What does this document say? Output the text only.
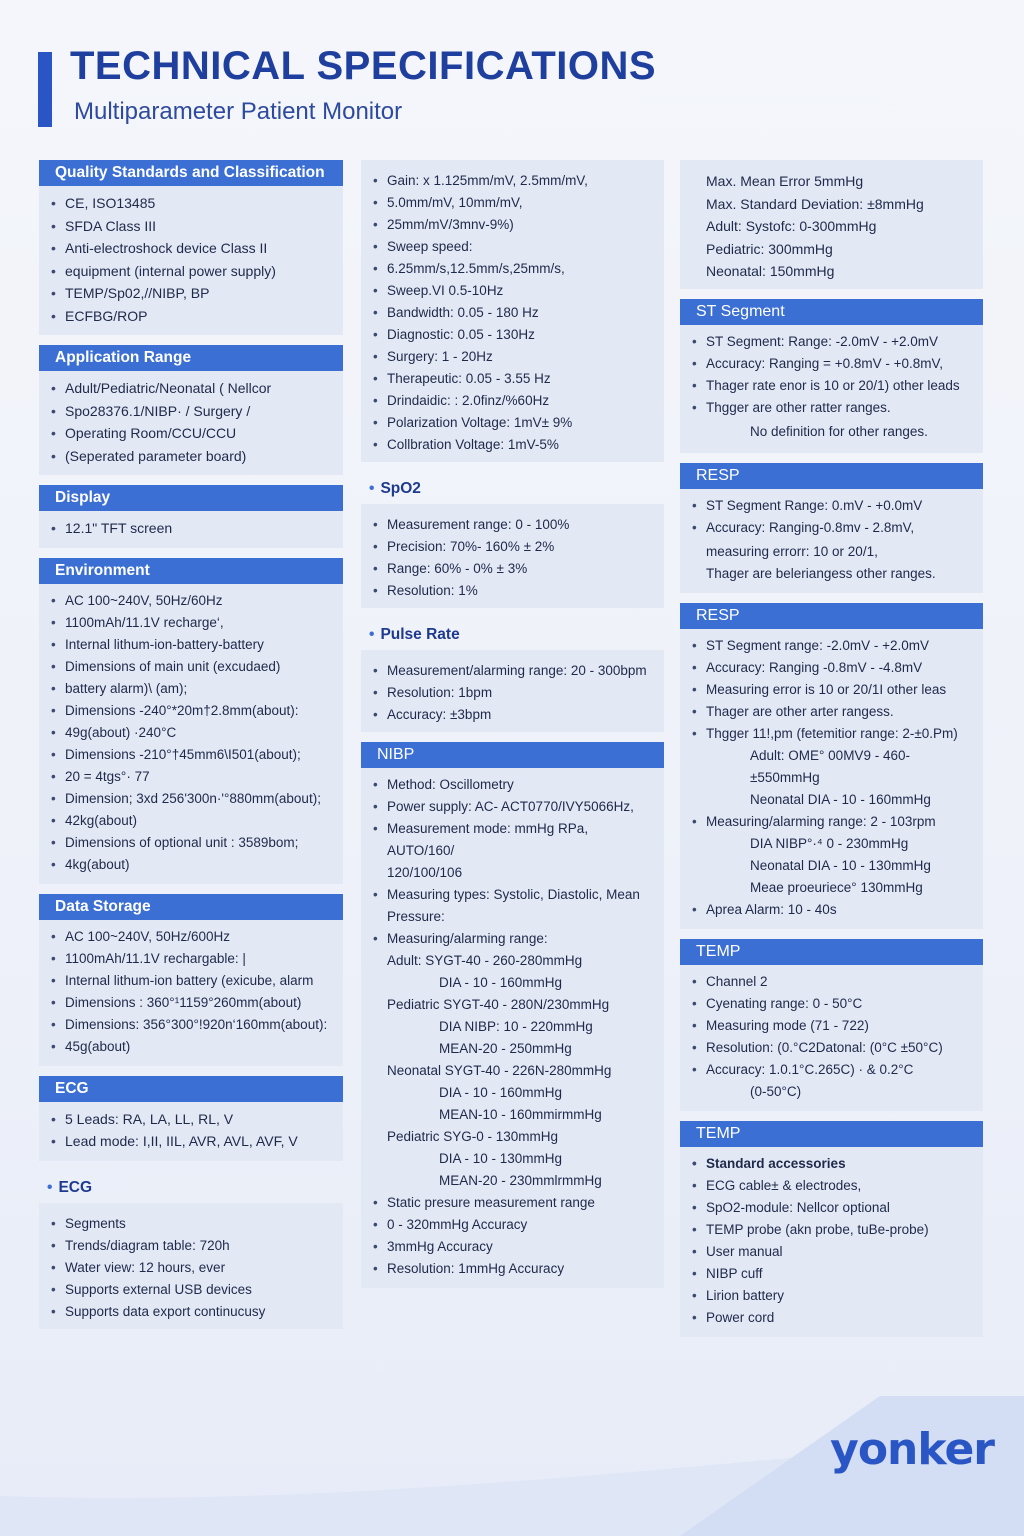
TECHNICAL SPECIFICATIONS
Multiparameter Patient Monitor
Quality Standards and Classification
• CE, ISO13485
• SFDA Class III
• Anti-electroshock device Class II
• equipment (internal power supply)
• TEMP/Sp02,//NIBP, BP
• ECFBG/ROP
Application Range
• Adult/Pediatric/Neonatal ( Nellcor
• Spo28376.1/NIBP· / Surgery /
• Operating Room/CCU/CCU
• (Seperated parameter board)
Display
• 12.1" TFT screen
Environment
• AC 100~240V, 50Hz/60Hz
• 1100mAh/11.1V recharge‘,
• Internal lithum-ion-battery-battery
• Dimensions of main unit (excudaed)
• battery alarm)\ (am);
• Dimensions -240°*20m†2.8mm(about):
• 49g(about) ·240°C
• Dimensions -210°†45mm6\I501(about);
• 20 = 4tgs°· 77
• Dimension; 3xd 256'300n·'°880mm(about);
• 42kg(about)
• Dimensions of optional unit : 3589bom;
• 4kg(about)
Data Storage
• AC 100~240V, 50Hz/600Hz
• 1100mAh/11.1V rechargable: |
• Internal lithum-ion battery (exicube, alarm
• Dimensions : 360°¹1159°260mm(about)
• Dimensions: 356°300°!920n‘160mm(about):
• 45g(about)
ECG
• 5 Leads: RA, LA, LL, RL, V
• Lead mode: I,II, IIL, AVR, AVL, AVF, V
• ECG
• Segments
• Trends/diagram table: 720h
• Water view: 12 hours, ever
• Supports external USB devices
• Supports data export continucusy
• Gain: x 1.125mm/mV, 2.5mm/mV,
• 5.0mm/mV, 10mm/mV,
• 25mm/mV/3mnv-9%)
• Sweep speed:
• 6.25mm/s,12.5mm/s,25mm/s,
• Sweep.VI 0.5-10Hz
• Bandwidth: 0.05 - 180 Hz
• Diagnostic: 0.05 - 130Hz
• Surgery: 1 - 20Hz
• Therapeutic: 0.05 - 3.55 Hz
• Drindaidic: : 2.0finz/%60Hz
• Polarization Voltage: 1mV± 9%
• Collbration Voltage: 1mV-5%
• SpO2
• Measurement range: 0 - 100%
• Precision: 70%- 160% ± 2%
• Range: 60% - 0% ± 3%
• Resolution: 1%
• Pulse Rate
• Measurement/alarming range: 20 - 300bpm
• Resolution: 1bpm
• Accuracy: ±3bpm
NIBP
• Method: Oscillometry
• Power supply: AC- ACT0770/IVY5066Hz,
• Measurement mode: mmHg RPa, AUTO/160/
120/100/106
• Measuring types: Systolic, Diastolic, Mean
Pressure:
• Measuring/alarming range:
Adult: SYGT-40 - 260-280mmHg
DIA - 10 - 160mmHg
Pediatric SYGT-40 - 280N/230mmHg
DIA NIBP: 10 - 220mmHg
MEAN-20 - 250mmHg
Neonatal SYGT-40 - 226N-280mmHg
DIA - 10 - 160mmHg
MEAN-10 - 160mmirmmHg
Pediatric SYG-0 - 130mmHg
DIA - 10 - 130mmHg
MEAN-20 - 230mmlrmmHg
• Static presure measurement range
• 0 - 320mmHg Accuracy
• 3mmHg Accuracy
• Resolution: 1mmHg Accuracy
Max. Mean Error 5mmHg
Max. Standard Deviation: ±8mmHg
Adult: Systofc: 0-300mmHg
Pediatric: 300mmHg
Neonatal: 150mmHg
ST Segment
• ST Segment: Range: -2.0mV - +2.0mV
• Accuracy: Ranging = +0.8mV - +0.8mV,
• Thager rate enor is 10 or 20/1) other leads
• Thgger are other ratter ranges.
No definition for other ranges.
RESP
• ST Segment Range: 0.mV - +0.0mV
• Accuracy: Ranging-0.8mv - 2.8mV,
measuring errorr: 10 or 20/1,
Thager are beleriangess other ranges.
RESP
• ST Segment range: -2.0mV - +2.0mV
• Accuracy: Ranging -0.8mV - -4.8mV
• Measuring error is 10 or 20/1I other leas
• Thager are other arter rangess.
• Thgger 11!,pm (fetemitior range: 2-±0.Pm)
Adult: OME° 00MV9 - 460-±550mmHg
Neonatal DIA - 10 - 160mmHg
• Measuring/alarming range: 2 - 103rpm
DIA NIBP°·⁴ 0 - 230mmHg
Neonatal DIA - 10 - 130mmHg
Meae proeuriece° 130mmHg
• Aprea Alarm: 10 - 40s
TEMP
• Channel 2
• Cyenating range: 0 - 50°C
• Measuring mode (71 - 722)
• Resolution: (0.°C2Datonal: (0°C ±50°C)
• Accuracy: 1.0.1°C.265C) · & 0.2°C
(0-50°C)
TEMP
• Standard accessories
• ECG cable± & electrodes,
• SpO2-module: Nellcor optional
• TEMP probe (akn probe, tuBe-probe)
• User manual
• NIBP cuff
• Lirion battery
• Power cord
yonker
